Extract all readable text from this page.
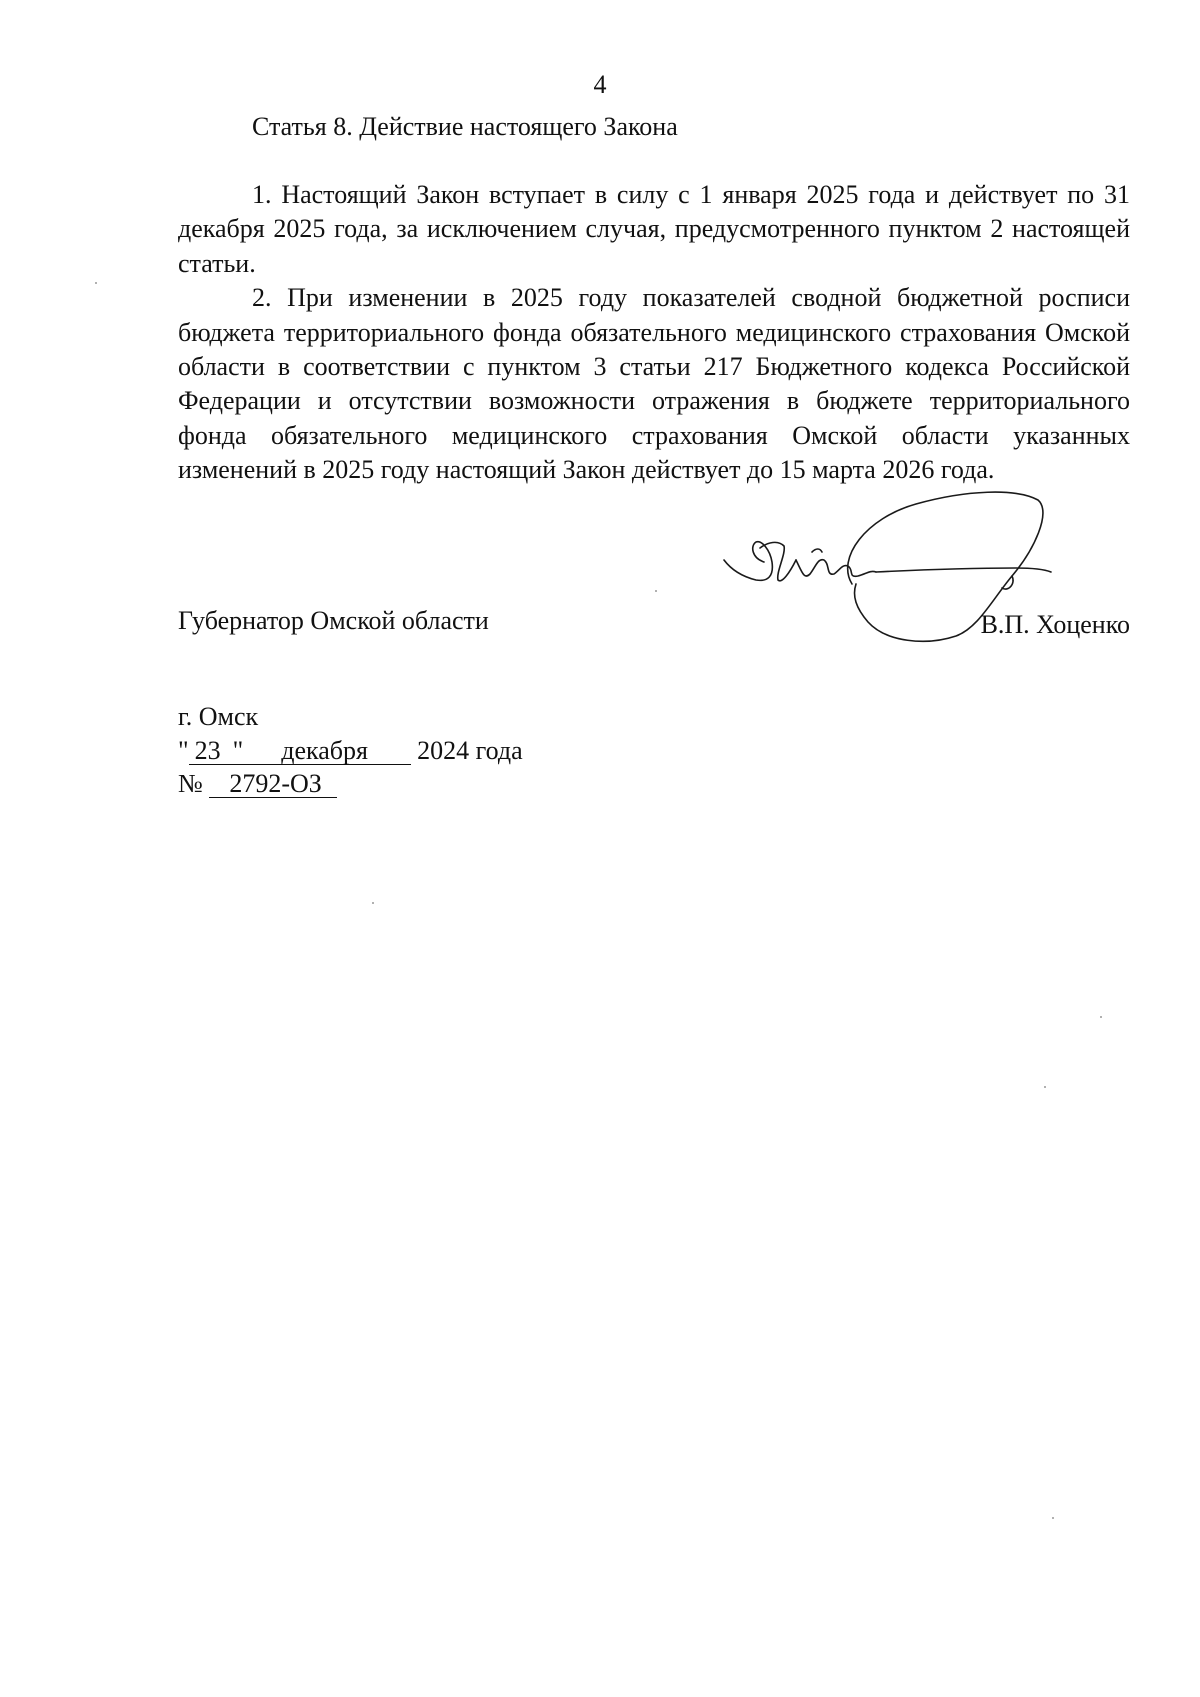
4
Статья 8. Действие настоящего Закона

1. Настоящий Закон вступает в силу с 1 января 2025 года и действует по 31 декабря 2025 года, за исключением случая, предусмотренного пунктом 2 настоящей статьи.

2. При изменении в 2025 году показателей сводной бюджетной росписи бюджета территориального фонда обязательного медицинского страхования Омской области в соответствии с пунктом 3 статьи 217 Бюджетного кодекса Российской Федерации и отсутствии возможности отражения в бюджете территориального фонда обязательного медицинского страхования Омской области указанных изменений в 2025 году настоящий Закон действует до 15 марта 2026 года.

Губернатор Омской области	В.П. Хоценко
г. Омск
" 23 " декабря 2024 года
№ 2792-ОЗ
